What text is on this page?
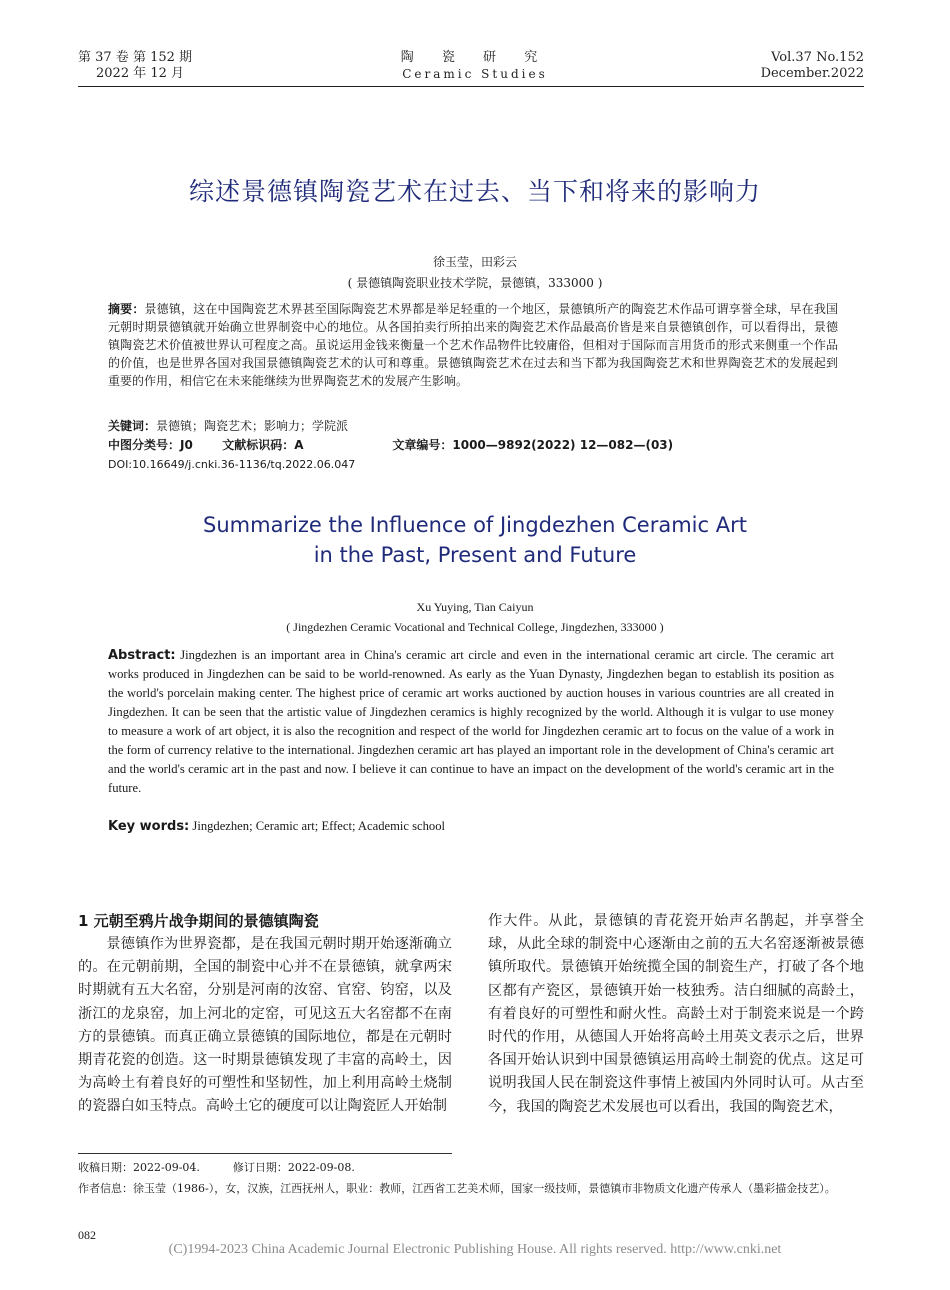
第 37 卷 第 152 期
2022 年 12 月
陶 瓷 研 究
Ceramic Studies
Vol.37 No.152
December.2022
综述景德镇陶瓷艺术在过去、当下和将来的影响力
徐玉莹，田彩云
( 景德镇陶瓷职业技术学院，景德镇，333000 )
摘要：景德镇，这在中国陶瓷艺术界甚至国际陶瓷艺术界都是举足轻重的一个地区，景德镇所产的陶瓷艺术作品可谓享誉全球，早在我国元朝时期景德镇就开始确立世界制瓷中心的地位。从各国拍卖行所拍出来的陶瓷艺术作品最高价皆是来自景德镇创作，可以看得出，景德镇陶瓷艺术价值被世界认可程度之高。虽说运用金钱来衡量一个艺术作品物件比较庸俗，但相对于国际而言用货币的形式来侧重一个作品的价值，也是世界各国对我国景德镇陶瓷艺术的认可和尊重。景德镇陶瓷艺术在过去和当下都为我国陶瓷艺术和世界陶瓷艺术的发展起到重要的作用，相信它在未来能继续为世界陶瓷艺术的发展产生影响。
关键词：景德镇；陶瓷艺术；影响力；学院派
中图分类号：J0 文献标识码：A	文章编号：1000—9892(2022) 12—082—(03)
DOI:10.16649/j.cnki.36-1136/tq.2022.06.047
Summarize the Influence of Jingdezhen Ceramic Art
in the Past, Present and Future
Xu Yuying, Tian Caiyun
( Jingdezhen Ceramic Vocational and Technical College, Jingdezhen, 333000 )
Abstract: Jingdezhen is an important area in China's ceramic art circle and even in the international ceramic art circle. The ceramic art works produced in Jingdezhen can be said to be world-renowned. As early as the Yuan Dynasty, Jingdezhen began to establish its position as the world's porcelain making center. The highest price of ceramic art works auctioned by auction houses in various countries are all created in Jingdezhen. It can be seen that the artistic value of Jingdezhen ceramics is highly recognized by the world. Although it is vulgar to use money to measure a work of art object, it is also the recognition and respect of the world for Jingdezhen ceramic art to focus on the value of a work in the form of currency relative to the international. Jingdezhen ceramic art has played an important role in the development of China's ceramic art and the world's ceramic art in the past and now. I believe it can continue to have an impact on the development of the world's ceramic art in the future.
Key words: Jingdezhen; Ceramic art; Effect; Academic school
1 元朝至鸦片战争期间的景德镇陶瓷

景德镇作为世界瓷都，是在我国元朝时期开始逐渐确立的。在元朝前期，全国的制瓷中心并不在景德镇，就拿两宋时期就有五大名窑，分别是河南的汝窑、官窑、钧窑，以及浙江的龙泉窑，加上河北的定窑，可见这五大名窑都不在南方的景德镇。而真正确立景德镇的国际地位，都是在元朝时期青花瓷的创造。这一时期景德镇发现了丰富的高岭土，因为高岭土有着良好的可塑性和坚韧性，加上利用高岭土烧制的瓷器白如玉特点。高岭土它的硬度可以让陶瓷匠人开始制

作大件。从此，景德镇的青花瓷开始声名鹊起，并享誉全球，从此全球的制瓷中心逐渐由之前的五大名窑逐渐被景德镇所取代。景德镇开始统揽全国的制瓷生产，打破了各个地区都有产瓷区，景德镇开始一枝独秀。洁白细腻的高龄土，有着良好的可塑性和耐火性。高龄土对于制瓷来说是一个跨时代的作用，从德国人开始将高岭土用英文表示之后，世界各国开始认识到中国景德镇运用高岭土制瓷的优点。这足可说明我国人民在制瓷这件事情上被国内外同时认可。从古至今，我国的陶瓷艺术发展也可以看出，我国的陶瓷艺术，

收稿日期：2022-09-04.　　　修订日期：2022-09-08.
作者信息：徐玉莹（1986-），女，汉族，江西抚州人，职业：教师，江西省工艺美术师，国家一级技师，景德镇市非物质文化遗产传承人（墨彩描金技艺）。
082
(C)1994-2023 China Academic Journal Electronic Publishing House. All rights reserved. http://www.cnki.net
